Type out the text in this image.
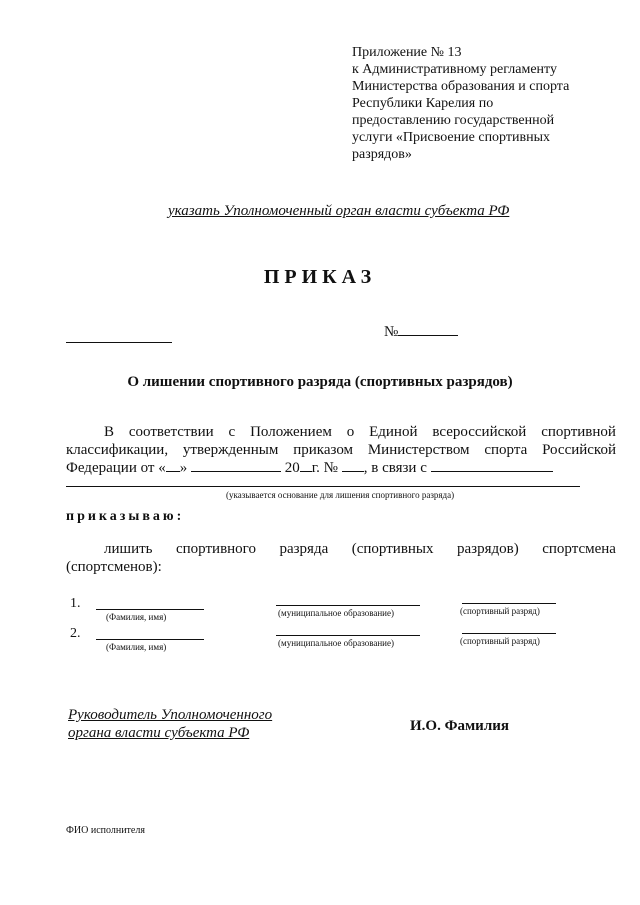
Приложение № 13
к Административному регламенту
Министерства образования и спорта
Республики Карелия по
предоставлению государственной
услуги «Присвоение спортивных
разрядов»
указать Уполномоченный орган власти субъекта РФ
ПРИКАЗ
№
О лишении спортивного разряда (спортивных разрядов)
В соответствии с Положением о Единой всероссийской спортивной
классификации, утвержденным приказом Министерством спорта Российской
Федерации от « »	20 г. № , в связи с
(указывается основание для лишения спортивного разряда)
приказываю:
лишить спортивного разряда (спортивных разрядов) спортсмена
(спортсменов):
1.
(Фамилия, имя)	(муниципальное образование)	(спортивный разряд)
2.
(Фамилия, имя)	(муниципальное образование)	(спортивный разряд)
Руководитель Уполномоченного
органа власти субъекта РФ	И.О. Фамилия
ФИО исполнителя
